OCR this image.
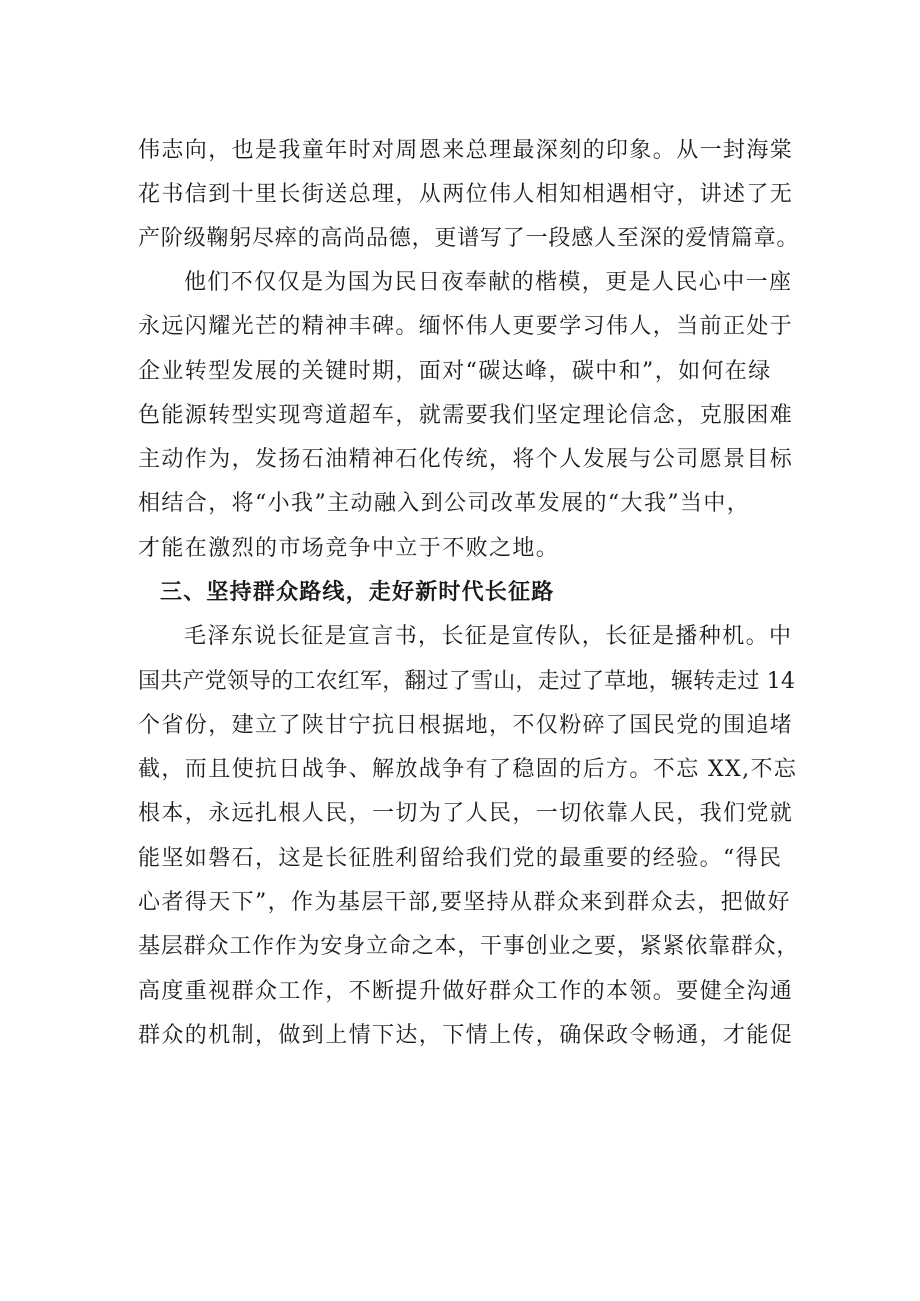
伟志向，也是我童年时对周恩来总理最深刻的印象。从一封海棠
花书信到十里长街送总理，从两位伟人相知相遇相守，讲述了无
产阶级鞠躬尽瘁的高尚品德，更谱写了一段感人至深的爱情篇章。
他们不仅仅是为国为民日夜奉献的楷模，更是人民心中一座
永远闪耀光芒的精神丰碑。缅怀伟人更要学习伟人，当前正处于
企业转型发展的关键时期，面对“碳达峰，碳中和”，如何在绿
色能源转型实现弯道超车，就需要我们坚定理论信念，克服困难
主动作为，发扬石油精神石化传统，将个人发展与公司愿景目标
相结合，将“小我”主动融入到公司改革发展的“大我”当中，
才能在激烈的市场竞争中立于不败之地。
三、坚持群众路线，走好新时代长征路
毛泽东说长征是宣言书，长征是宣传队，长征是播种机。中
国共产党领导的工农红军，翻过了雪山，走过了草地，辗转走过 14
个省份，建立了陕甘宁抗日根据地，不仅粉碎了国民党的围追堵
截，而且使抗日战争、解放战争有了稳固的后方。不忘 XX,不忘
根本，永远扎根人民，一切为了人民，一切依靠人民，我们党就
能坚如磐石，这是长征胜利留给我们党的最重要的经验。“得民
心者得天下”，作为基层干部,要坚持从群众来到群众去，把做好
基层群众工作作为安身立命之本，干事创业之要，紧紧依靠群众，
高度重视群众工作，不断提升做好群众工作的本领。要健全沟通
群众的机制，做到上情下达，下情上传，确保政令畅通，才能促
